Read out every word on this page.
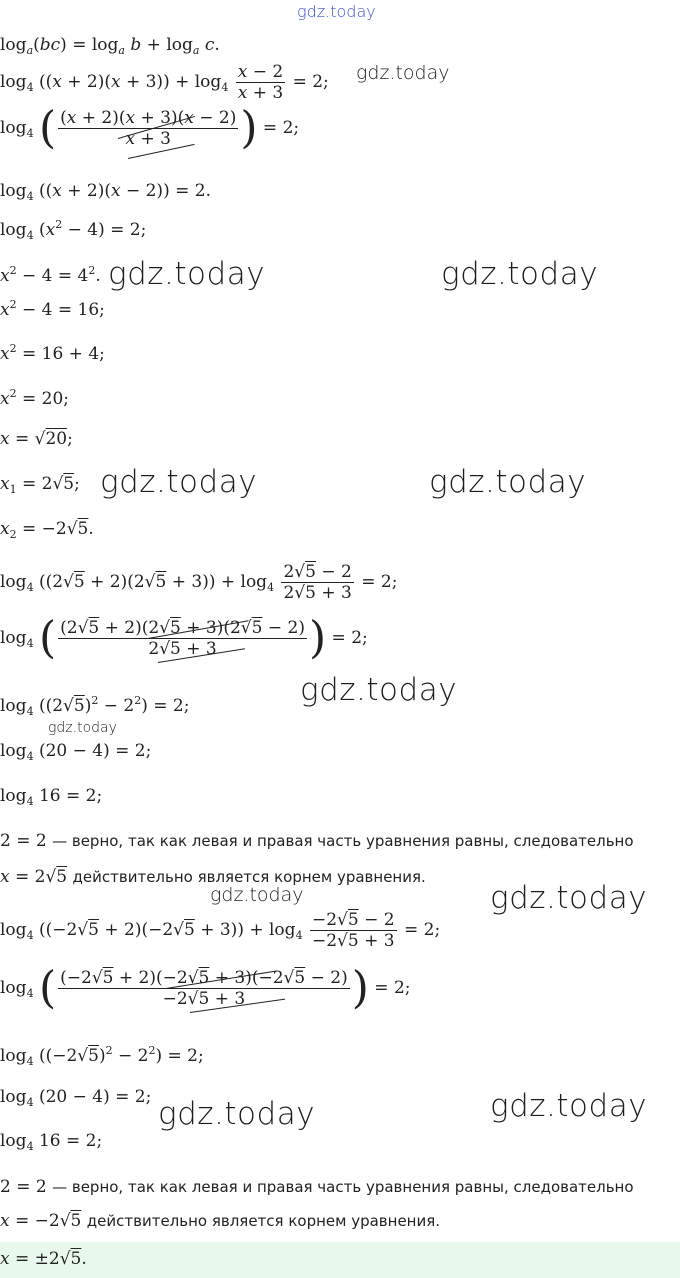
gdz.today
$\log_a(bc) = \log_a b + \log_a c$.
$\log_4 ((x + 2)(x + 3)) + \log_4 \frac{x - 2}{x + 3} = 2$; gdz.today
$\log_4$ ( $\frac{(x + 2)(x + 3)(x - 2)}{x + 3}$ ) = 2;
$\log_4 ((x + 2)(x - 2)) = 2$.
$\log_4 (x^2 - 4) = 2$;
$x^2 - 4 = 4^2$. gdz.today	gdz.today
$x^2 - 4 = 16$;
$x^2 = 16 + 4$;
$x^2 = 20$;
x = √20;
$x_1 = 2√5$; gdz.today	gdz.today
$x_2 = -2√5$.
$\log_4 ((2√5 + 2)(2√5 + 3)) + \log_4 \frac{2√5 - 2}{2√5 + 3} = 2$;
$\log_4$ ( $\frac{(2√5 + 2)(2√5 + 3)(2√5 - 2)}{2√5 + 3}$ ) = 2;
$\log_4 ((2√5)^2 - 2^2) = 2$;	gdz.today
gdz.today
$\log_4 (20 - 4) = 2$;
$\log_4 16 = 2$;
2 = 2 — верно, так как левая и правая часть уравнения равны, следовательно
x = 2√5 действительно является корнем уравнения.
gdz.today	gdz.today
$\log_4 ((-2√5 + 2)(-2√5 + 3)) + \log_4 \frac{-2√5 - 2}{-2√5 + 3} = 2$;
$\log_4$ ( $\frac{(-2√5 + 2)(-2√5 + 3)(-2√5 - 2)}{-2√5 + 3}$ ) = 2;
$\log_4 ((-2√5)^2 - 2^2) = 2$;
$\log_4 (20 - 4) = 2$; gdz.today	gdz.today
$\log_4 16 = 2$;
2 = 2 — верно, так как левая и правая часть уравнения равны, следовательно
x = −2√5 действительно является корнем уравнения.
x = ±2√5.
